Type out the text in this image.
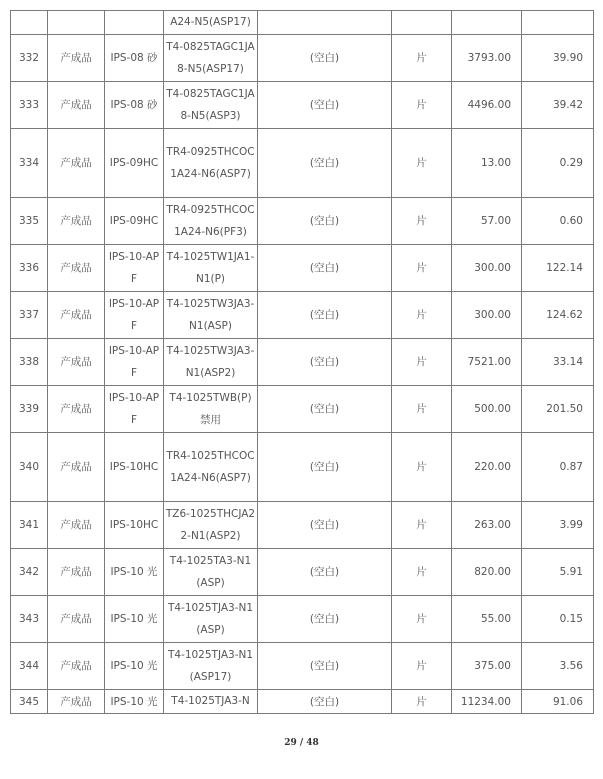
			A24-N5(ASP17)				
332	产成品	IPS-08 砂	T4-0825TAGC1JA8-N5(ASP17)	(空白)	片	3793.00	39.90
333	产成品	IPS-08 砂	T4-0825TAGC1JA8-N5(ASP3)	(空白)	片	4496.00	39.42
334	产成品	IPS-09HC	TR4-0925THCOC1A24-N6(ASP7)	(空白)	片	13.00	0.29
335	产成品	IPS-09HC	TR4-0925THCOC1A24-N6(PF3)	(空白)	片	57.00	0.60
336	产成品	IPS-10-APF	T4-1025TW1JA1-N1(P)	(空白)	片	300.00	122.14
337	产成品	IPS-10-APF	T4-1025TW3JA3-N1(ASP)	(空白)	片	300.00	124.62
338	产成品	IPS-10-APF	T4-1025TW3JA3-N1(ASP2)	(空白)	片	7521.00	33.14
339	产成品	IPS-10-APF	T4-1025TWB(P)禁用	(空白)	片	500.00	201.50
340	产成品	IPS-10HC	TR4-1025THCOC1A24-N6(ASP7)	(空白)	片	220.00	0.87
341	产成品	IPS-10HC	TZ6-1025THCJA22-N1(ASP2)	(空白)	片	263.00	3.99
342	产成品	IPS-10 光	T4-1025TA3-N1(ASP)	(空白)	片	820.00	5.91
343	产成品	IPS-10 光	T4-1025TJA3-N1(ASP)	(空白)	片	55.00	0.15
344	产成品	IPS-10 光	T4-1025TJA3-N1(ASP17)	(空白)	片	375.00	3.56
345	产成品	IPS-10 光	T4-1025TJA3-N	(空白)	片	11234.00	91.06
29 / 48
